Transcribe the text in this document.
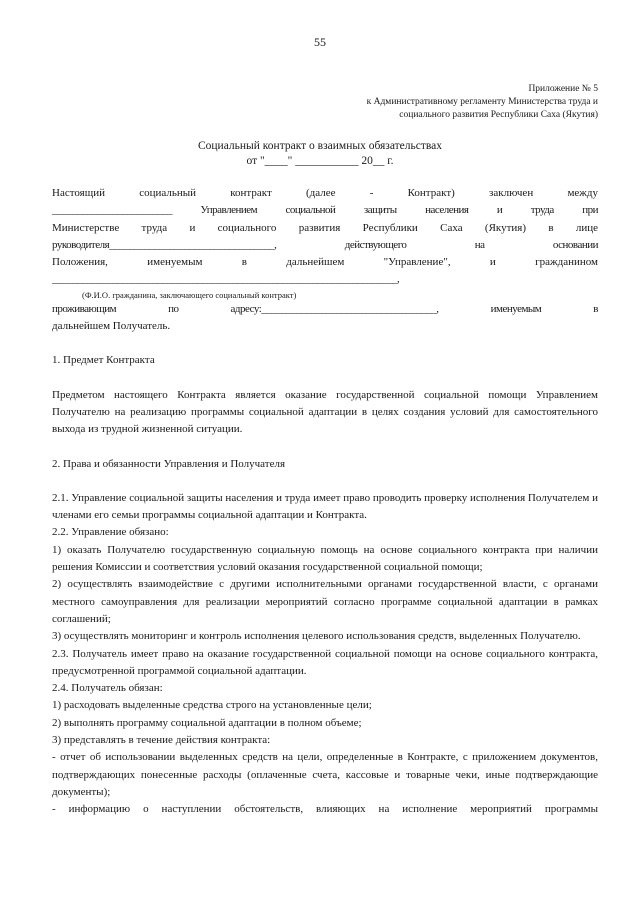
55
Приложение № 5
к Административному регламенту Министерства труда и
социального развития Республики Саха (Якутия)
Социальный контракт о взаимных обязательствах
от "____" ___________ 20__ г.
Настоящий социальный контракт (далее - Контракт) заключен между
________________________ Управлением социальной защиты населения и труда при
Министерстве труда и социального развития Республики Саха (Якутия) в лице
руководителя_________________________________, действующего на основании
Положения, именуемым в дальнейшем "Управление", и гражданином
_____________________________________________________________________,
(Ф.И.О. гражданина, заключающего социальный контракт)
проживающим по адресу:___________________________________, именуемым в
дальнейшем Получатель.
1. Предмет Контракта
Предметом настоящего Контракта является оказание государственной социальной помощи Управлением Получателю на реализацию программы социальной адаптации в целях создания условий для самостоятельного выхода из трудной жизненной ситуации.
2. Права и обязанности Управления и Получателя
2.1. Управление социальной защиты населения и труда имеет право проводить проверку исполнения Получателем и членами его семьи программы социальной адаптации и Контракта.
2.2. Управление обязано:
1) оказать Получателю государственную социальную помощь на основе социального контракта при наличии решения Комиссии и соответствия условий оказания государственной социальной помощи;
2) осуществлять взаимодействие с другими исполнительными органами государственной власти, с органами местного самоуправления для реализации мероприятий согласно программе социальной адаптации в рамках соглашений;
3) осуществлять мониторинг и контроль исполнения целевого использования средств, выделенных Получателю.
2.3. Получатель имеет право на оказание государственной социальной помощи на основе социального контракта, предусмотренной программой социальной адаптации.
2.4. Получатель обязан:
1) расходовать выделенные средства строго на установленные цели;
2) выполнять программу социальной адаптации в полном объеме;
3) представлять в течение действия контракта:
- отчет об использовании выделенных средств на цели, определенные в Контракте, с приложением документов, подтверждающих понесенные расходы (оплаченные счета, кассовые и товарные чеки, иные подтверждающие документы);
- информацию о наступлении обстоятельств, влияющих на исполнение мероприятий программы
